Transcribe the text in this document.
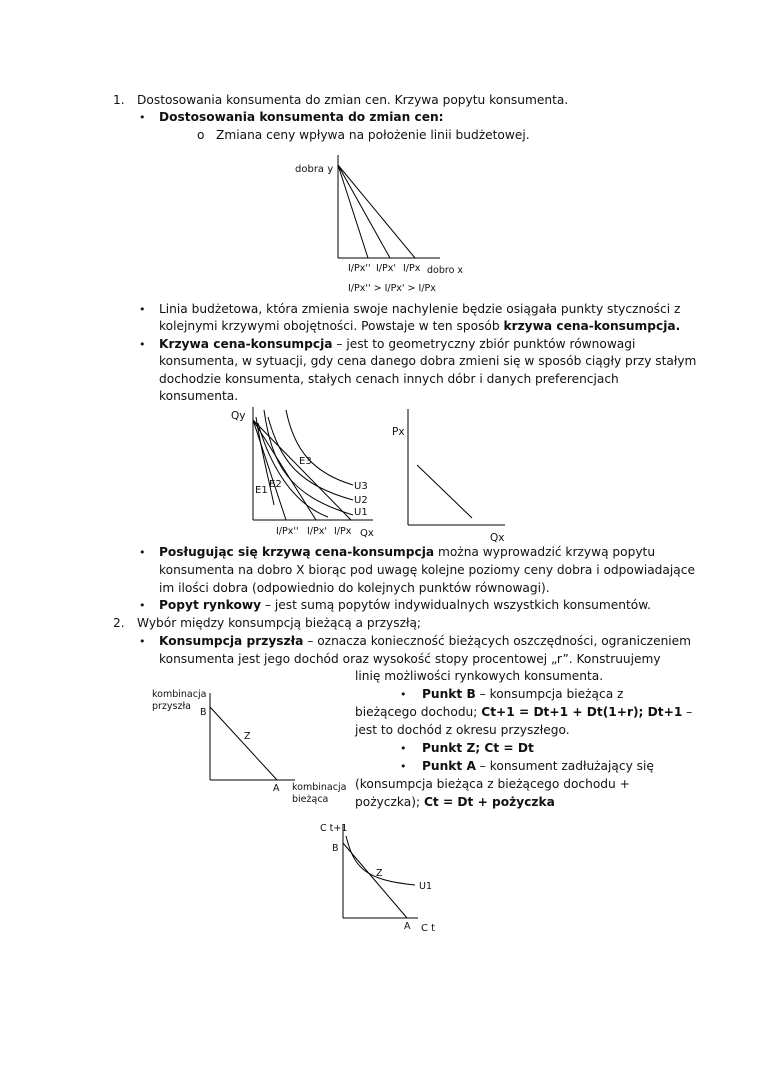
1. Dostosowania konsumenta do zmian cen. Krzywa popytu konsumenta.
• Dostosowania konsumenta do zmian cen:
o Zmiana ceny wpływa na położenie linii budżetowej.
dobra y
I/Px'' I/Px' I/Px dobro x
I/Px'' > I/Px' > I/Px
• Linia budżetowa, która zmienia swoje nachylenie będzie osiągała punkty styczności z
kolejnymi krzywymi obojętności. Powstaje w ten sposób krzywa cena-konsumpcja.
• Krzywa cena-konsumpcja – jest to geometryczny zbiór punktów równowagi
konsumenta, w sytuacji, gdy cena danego dobra zmieni się w sposób ciągły przy stałym
dochodzie konsumenta, stałych cenach innych dóbr i danych preferencjach
konsumenta.
Qy
E1
E2
E3
U3
U2
U1
I/Px'' I/Px' I/Px Qx
Px
Qx
• Posługując się krzywą cena-konsumpcja można wyprowadzić krzywą popytu
konsumenta na dobro X biorąc pod uwagę kolejne poziomy ceny dobra i odpowiadające
im ilości dobra (odpowiednio do kolejnych punktów równowagi).
• Popyt rynkowy – jest sumą popytów indywidualnych wszystkich konsumentów.
2. Wybór między konsumpcją bieżącą a przyszłą;
• Konsumpcja przyszła – oznacza konieczność bieżących oszczędności, ograniczeniem
konsumenta jest jego dochód oraz wysokość stopy procentowej „r”. Konstruujemy
linię możliwości rynkowych konsumenta.
kombinacja
przyszła
B
Z
A kombinacja
bieżąca
• Punkt B – konsumpcja bieżąca z
bieżącego dochodu; Ct+1 = Dt+1 + Dt(1+r); Dt+1 –
jest to dochód z okresu przyszłego.
• Punkt Z; Ct = Dt
• Punkt A – konsument zadłużający się
(konsumpcja bieżąca z bieżącego dochodu +
pożyczka); Ct = Dt + pożyczka
C t+1
B
Z
U1
A C t
